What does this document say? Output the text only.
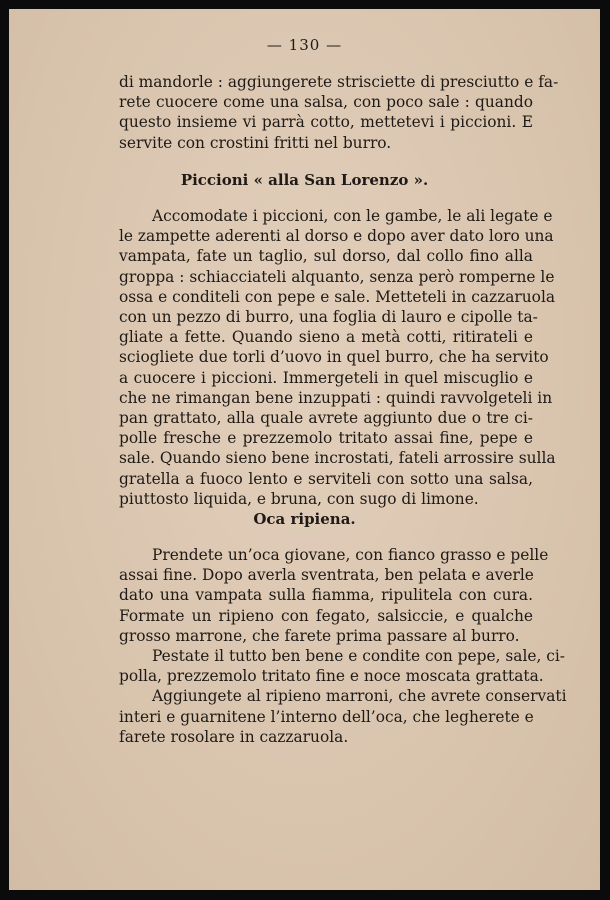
— 130 —
di mandorle : aggiungerete strisciette di presciutto e fa-
rete cuocere come una salsa, con poco sale : quando
questo insieme vi parrà cotto, mettetevi i piccioni. E
servite con crostini fritti nel burro.
Piccioni « alla San Lorenzo ».
Accomodate i piccioni, con le gambe, le ali legate e
le zampette aderenti al dorso e dopo aver dato loro una
vampata, fate un taglio, sul dorso, dal collo fino alla
groppa : schiacciateli alquanto, senza però romperne le
ossa e conditeli con pepe e sale. Metteteli in cazzaruola
con un pezzo di burro, una foglia di lauro e cipolle ta-
gliate a fette. Quando sieno a metà cotti, ritirateli e
sciogliete due torli d’uovo in quel burro, che ha servito
a cuocere i piccioni. Immergeteli in quel miscuglio e
che ne rimangan bene inzuppati : quindi ravvolgeteli in
pan grattato, alla quale avrete aggiunto due o tre ci-
polle fresche e prezzemolo tritato assai fine, pepe e
sale. Quando sieno bene incrostati, fateli arrossire sulla
gratella a fuoco lento e serviteli con sotto una salsa,
piuttosto liquida, e bruna, con sugo di limone.
Oca ripiena.
Prendete un’oca giovane, con fianco grasso e pelle
assai fine. Dopo averla sventrata, ben pelata e averle
dato una vampata sulla fiamma, ripulitela con cura.
Formate un ripieno con fegato, salsiccie, e qualche
grosso marrone, che farete prima passare al burro.
Pestate il tutto ben bene e condite con pepe, sale, ci-
polla, prezzemolo tritato fine e noce moscata grattata.
Aggiungete al ripieno marroni, che avrete conservati
interi e guarnitene l’interno dell’oca, che legherete e
farete rosolare in cazzaruola.
